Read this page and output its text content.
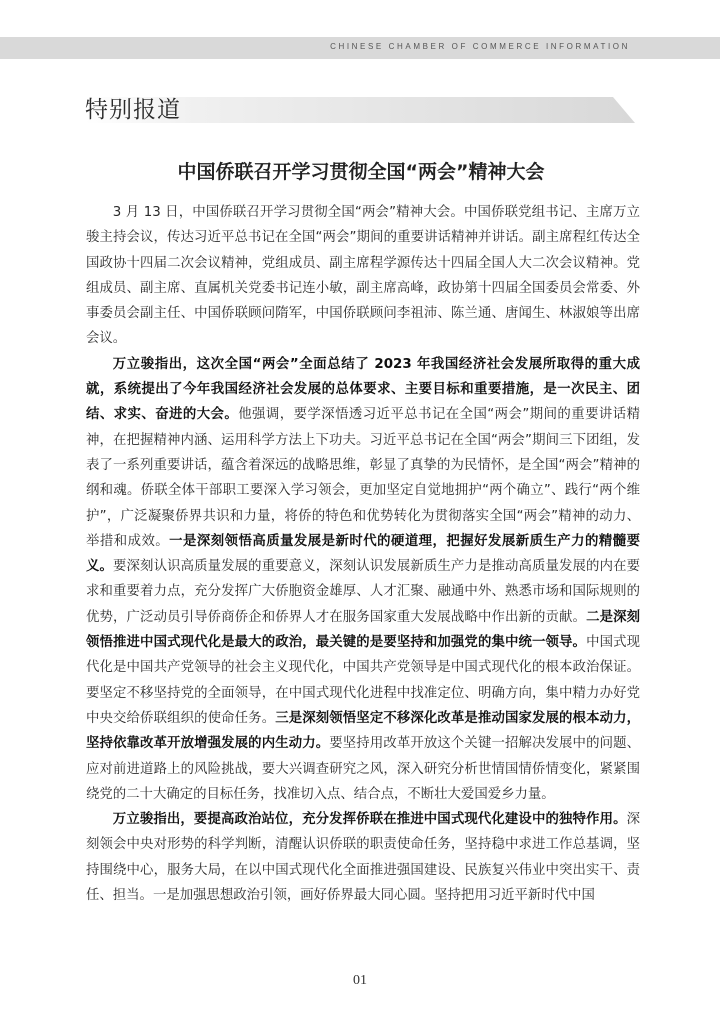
CHINESE CHAMBER OF COMMERCE INFORMATION
特别报道
中国侨联召开学习贯彻全国“两会”精神大会

3 月 13 日，中国侨联召开学习贯彻全国“两会”精神大会。中国侨联党组书记、主席万立骏主持会议，传达习近平总书记在全国“两会”期间的重要讲话精神并讲话。副主席程红传达全国政协十四届二次会议精神，党组成员、副主席程学源传达十四届全国人大二次会议精神。党组成员、副主席、直属机关党委书记连小敏，副主席高峰，政协第十四届全国委员会常委、外事委员会副主任、中国侨联顾问隋军，中国侨联顾问李祖沛、陈兰通、唐闻生、林淑娘等出席会议。

万立骏指出，这次全国“两会”全面总结了 2023 年我国经济社会发展所取得的重大成就，系统提出了今年我国经济社会发展的总体要求、主要目标和重要措施，是一次民主、团结、求实、奋进的大会。他强调，要学深悟透习近平总书记在全国“两会”期间的重要讲话精神，在把握精神内涵、运用科学方法上下功夫。习近平总书记在全国“两会”期间三下团组，发表了一系列重要讲话，蕴含着深远的战略思维，彰显了真挚的为民情怀，是全国“两会”精神的纲和魂。侨联全体干部职工要深入学习领会，更加坚定自觉地拥护“两个确立”、践行“两个维护”，广泛凝聚侨界共识和力量，将侨的特色和优势转化为贯彻落实全国“两会”精神的动力、举措和成效。一是深刻领悟高质量发展是新时代的硬道理，把握好发展新质生产力的精髓要义。要深刻认识高质量发展的重要意义，深刻认识发展新质生产力是推动高质量发展的内在要求和重要着力点，充分发挥广大侨胞资金雄厚、人才汇聚、融通中外、熟悉市场和国际规则的优势，广泛动员引导侨商侨企和侨界人才在服务国家重大发展战略中作出新的贡献。二是深刻领悟推进中国式现代化是最大的政治，最关键的是要坚持和加强党的集中统一领导。中国式现代化是中国共产党领导的社会主义现代化，中国共产党领导是中国式现代化的根本政治保证。要坚定不移坚持党的全面领导，在中国式现代化进程中找准定位、明确方向，集中精力办好党中央交给侨联组织的使命任务。三是深刻领悟坚定不移深化改革是推动国家发展的根本动力，坚持依靠改革开放增强发展的内生动力。要坚持用改革开放这个关键一招解决发展中的问题、应对前进道路上的风险挑战，要大兴调查研究之风，深入研究分析世情国情侨情变化，紧紧围绕党的二十大确定的目标任务，找准切入点、结合点，不断壮大爱国爱乡力量。

万立骏指出，要提高政治站位，充分发挥侨联在推进中国式现代化建设中的独特作用。深刻领会中央对形势的科学判断，清醒认识侨联的职责使命任务，坚持稳中求进工作总基调，坚持围绕中心，服务大局，在以中国式现代化全面推进强国建设、民族复兴伟业中突出实干、责任、担当。一是加强思想政治引领，画好侨界最大同心圆。坚持把用习近平新时代中国

01
